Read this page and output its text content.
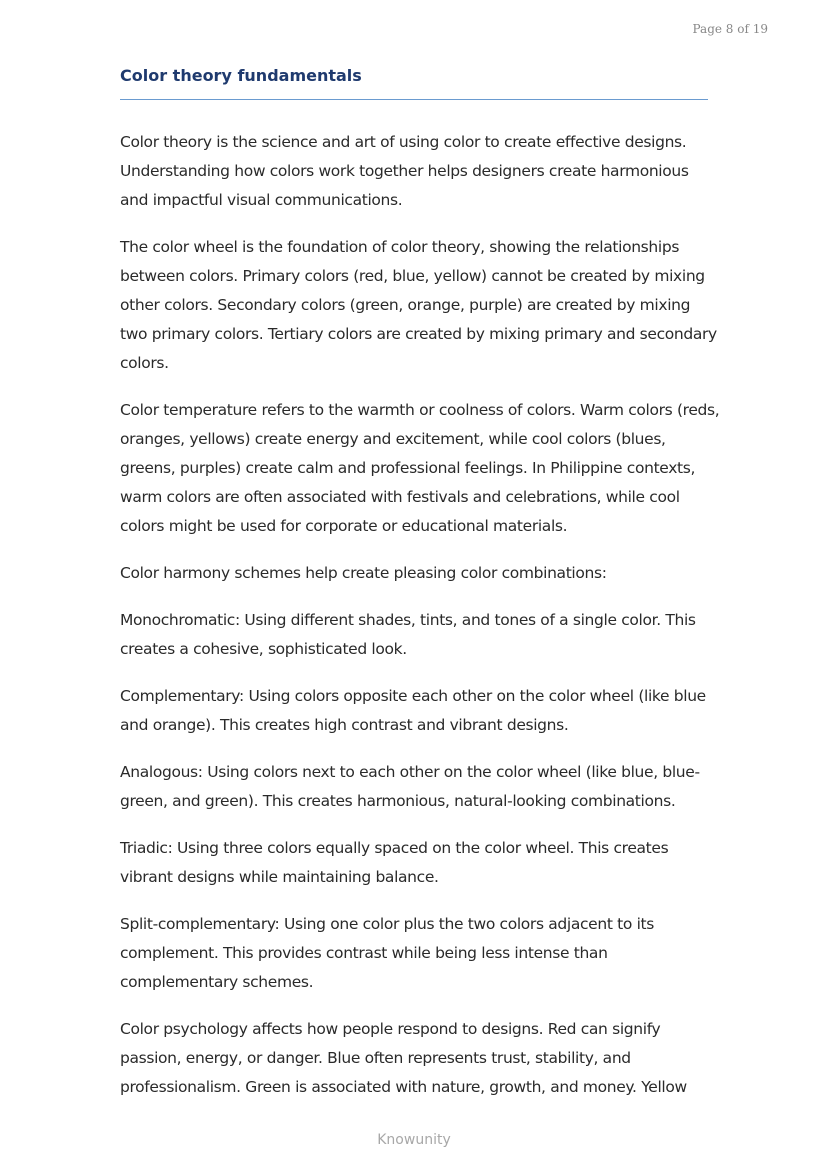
Page 8 of 19
Color theory fundamentals

Color theory is the science and art of using color to create effective designs. Understanding how colors work together helps designers create harmonious and impactful visual communications.

The color wheel is the foundation of color theory, showing the relationships between colors. Primary colors (red, blue, yellow) cannot be created by mixing other colors. Secondary colors (green, orange, purple) are created by mixing two primary colors. Tertiary colors are created by mixing primary and secondary colors.

Color temperature refers to the warmth or coolness of colors. Warm colors (reds, oranges, yellows) create energy and excitement, while cool colors (blues, greens, purples) create calm and professional feelings. In Philippine contexts, warm colors are often associated with festivals and celebrations, while cool colors might be used for corporate or educational materials.

Color harmony schemes help create pleasing color combinations:

Monochromatic: Using different shades, tints, and tones of a single color. This creates a cohesive, sophisticated look.

Complementary: Using colors opposite each other on the color wheel (like blue and orange). This creates high contrast and vibrant designs.

Analogous: Using colors next to each other on the color wheel (like blue, blue-green, and green). This creates harmonious, natural-looking combinations.

Triadic: Using three colors equally spaced on the color wheel. This creates vibrant designs while maintaining balance.

Split-complementary: Using one color plus the two colors adjacent to its complement. This provides contrast while being less intense than complementary schemes.

Color psychology affects how people respond to designs. Red can signify passion, energy, or danger. Blue often represents trust, stability, and professionalism. Green is associated with nature, growth, and money. Yellow

Knowunity
